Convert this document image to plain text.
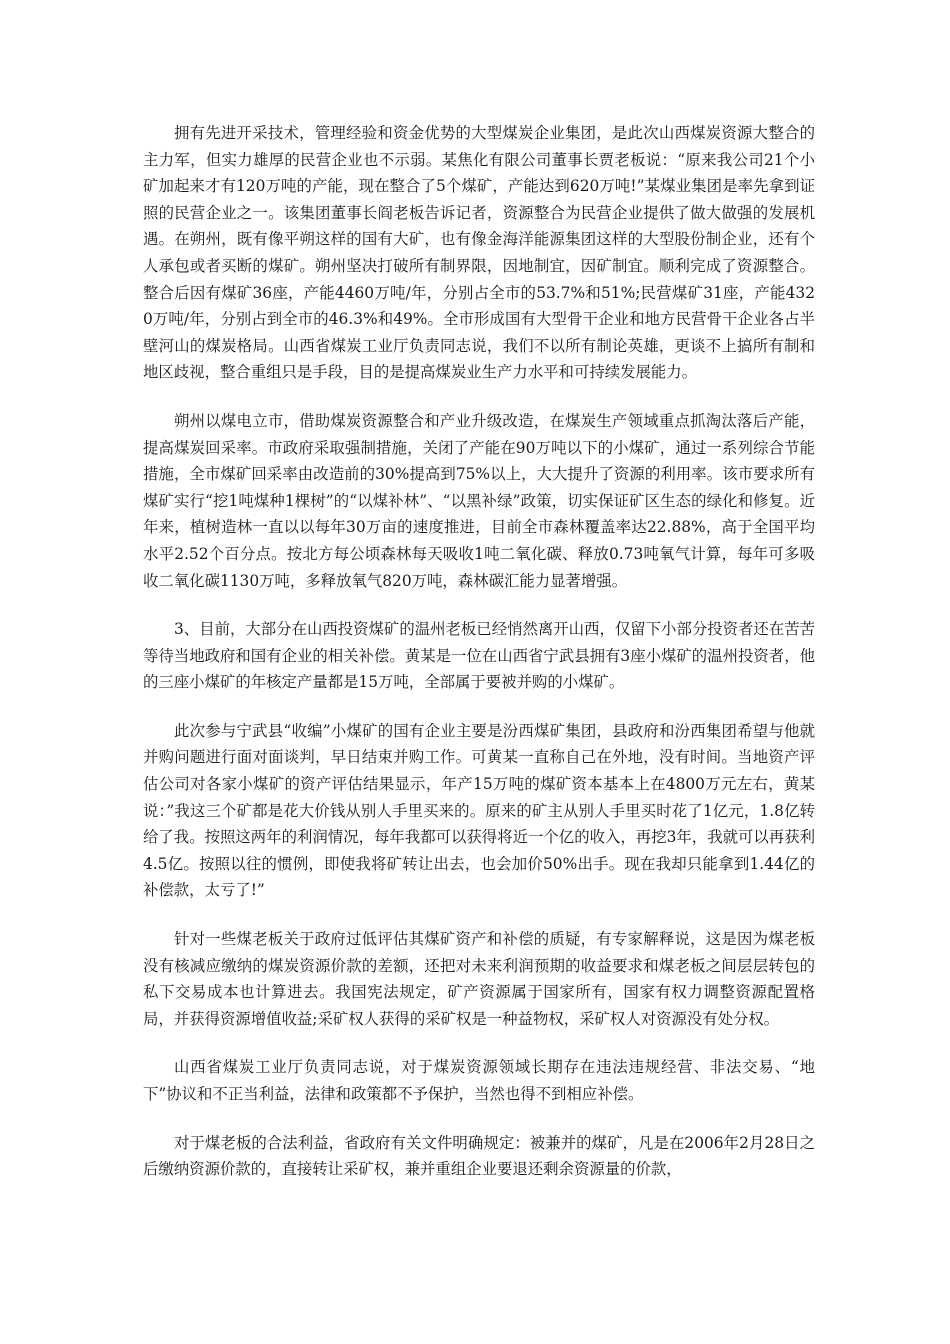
拥有先进开采技术，管理经验和资金优势的大型煤炭企业集团，是此次山西煤炭资源大整合的主力军，但实力雄厚的民营企业也不示弱。某焦化有限公司董事长贾老板说：“原来我公司21个小矿加起来才有120万吨的产能，现在整合了5个煤矿，产能达到620万吨!”某煤业集团是率先拿到证照的民营企业之一。该集团董事长阎老板告诉记者，资源整合为民营企业提供了做大做强的发展机遇。在朔州，既有像平朔这样的国有大矿，也有像金海洋能源集团这样的大型股份制企业，还有个人承包或者买断的煤矿。朔州坚决打破所有制界限，因地制宜，因矿制宜。顺利完成了资源整合。整合后因有煤矿36座，产能4460万吨/年，分别占全市的53.7%和51%;民营煤矿31座，产能4320万吨/年，分别占到全市的46.3%和49%。全市形成国有大型骨干企业和地方民营骨干企业各占半壁河山的煤炭格局。山西省煤炭工业厅负责同志说，我们不以所有制论英雄，更谈不上搞所有制和地区歧视，整合重组只是手段，目的是提高煤炭业生产力水平和可持续发展能力。

朔州以煤电立市，借助煤炭资源整合和产业升级改造，在煤炭生产领域重点抓淘汰落后产能，提高煤炭回采率。市政府采取强制措施，关闭了产能在90万吨以下的小煤矿，通过一系列综合节能措施，全市煤矿回采率由改造前的30%提高到75%以上，大大提升了资源的利用率。该市要求所有煤矿实行“挖1吨煤种1棵树”的“以煤补林”、“以黑补绿”政策，切实保证矿区生态的绿化和修复。近年来，植树造林一直以以每年30万亩的速度推进，目前全市森林覆盖率达22.88%，高于全国平均水平2.52个百分点。按北方每公顷森林每天吸收1吨二氧化碳、释放0.73吨氧气计算，每年可多吸收二氧化碳1130万吨，多释放氧气820万吨，森林碳汇能力显著增强。

3、目前，大部分在山西投资煤矿的温州老板已经悄然离开山西，仅留下小部分投资者还在苦苦等待当地政府和国有企业的相关补偿。黄某是一位在山西省宁武县拥有3座小煤矿的温州投资者，他的三座小煤矿的年核定产量都是15万吨，全部属于要被并购的小煤矿。

此次参与宁武县“收编”小煤矿的国有企业主要是汾西煤矿集团，县政府和汾西集团希望与他就并购问题进行面对面谈判，早日结束并购工作。可黄某一直称自己在外地，没有时间。当地资产评估公司对各家小煤矿的资产评估结果显示，年产15万吨的煤矿资本基本上在4800万元左右，黄某说：”我这三个矿都是花大价钱从别人手里买来的。原来的矿主从别人手里买时花了1亿元，1.8亿转给了我。按照这两年的利润情况，每年我都可以获得将近一个亿的收入，再挖3年，我就可以再获利4.5亿。按照以往的惯例，即使我将矿转让出去，也会加价50%出手。现在我却只能拿到1.44亿的补偿款，太亏了!”

针对一些煤老板关于政府过低评估其煤矿资产和补偿的质疑，有专家解释说，这是因为煤老板没有核减应缴纳的煤炭资源价款的差额，还把对未来利润预期的收益要求和煤老板之间层层转包的私下交易成本也计算进去。我国宪法规定，矿产资源属于国家所有，国家有权力调整资源配置格局，并获得资源增值收益;采矿权人获得的采矿权是一种益物权，采矿权人对资源没有处分权。

山西省煤炭工业厅负责同志说，对于煤炭资源领域长期存在违法违规经营、非法交易、“地下”协议和不正当利益，法律和政策都不予保护，当然也得不到相应补偿。

对于煤老板的合法利益，省政府有关文件明确规定：被兼并的煤矿，凡是在2006年2月28日之后缴纳资源价款的，直接转让采矿权，兼并重组企业要退还剩余资源量的价款，
